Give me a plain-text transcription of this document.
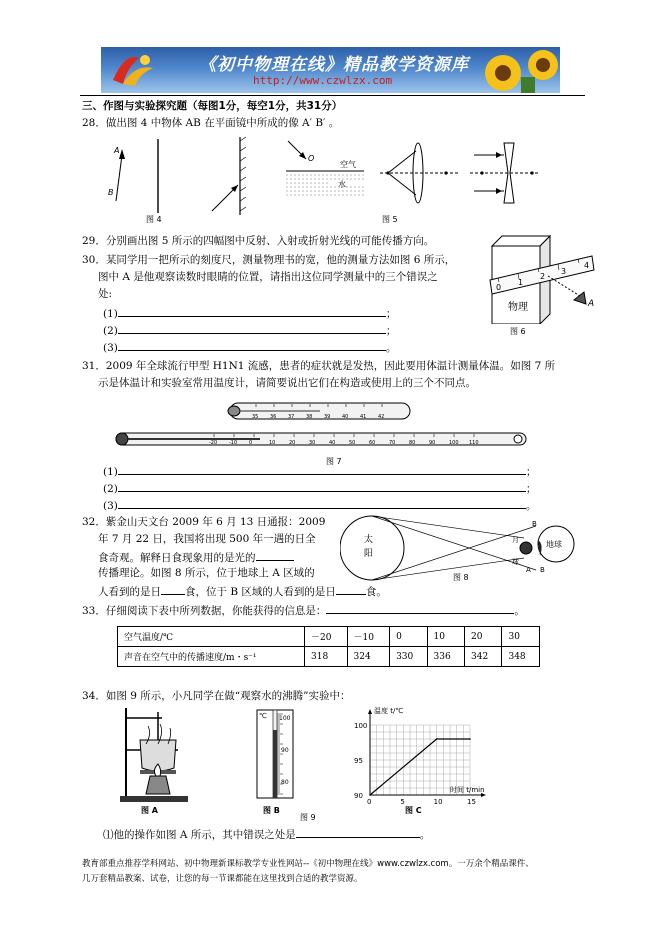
《初中物理在线》精品教学资源库
http://www.czwlzx.com
三、作图与实验探究题（每图1分，每空1分，共31分）
28．做出图 4 中物体 AB 在平面镜中所成的像 A′ B′ 。
A
B
O
空气
水
图 4	图 5
29．分别画出图 5 所示的四幅图中反射、入射或折射光线的可能传播方向。
30．某同学用一把所示的刻度尺，测量物理书的宽，他的测量方法如图 6 所示，
图中 A 是他观察读数时眼睛的位置，请指出这位同学测量中的三个错误之
处:
(1)	；
(2)	；
(3)	。
物理
0
1
2
3
4
A
图 6
31．2009 年全球流行甲型 H1N1 流感，患者的症状就是发热，因此要用体温计测量体温。如图 7 所
示是体温计和实验室常用温度计，请简要说出它们在构造或使用上的三个不同点。
35 36 37 38 39 40 41 42
-20 -10 0	10	20	30	40	50	60	70	80	90	100 110
图 7
(1)	；
(2)	；
(3)	。
32．紫金山天文台 2009 年 6 月 13 日通报：2009
年 7 月 22 日，我国将出现 500 年一遇的日全
食奇观。解释日食现象用的是光的
传播理论。如图 8 所示，位于地球上 A 区域的
人看到的是日 食，位于 B 区域的人看到的是日	食。
太
阳
月
球
地球
B
A B
图 8
33．仔细阅读下表中所列数据，你能获得的信息是：	。
空气温度/℃	－20	－10	0	10	20	30
声音在空气中的传播速度/m・s⁻¹	318	324	330	336	342	348
34．如图 9 所示，小凡同学在做“观察水的沸腾”实验中：
图 A
℃ 100
90
80
图 B
图 9
0	5	10	15
100
95
90
温度 t/℃
时间 t/min
图 C
⑴他的操作如图 A 所示，其中错误之处是	。
教育部重点推荐学科网站、初中物理新课标教学专业性网站--《初中物理在线》www.czwlzx.com。一万余个精品课件、
几万套精品教案、试卷，让您的每一节课都能在这里找到合适的教学资源。
